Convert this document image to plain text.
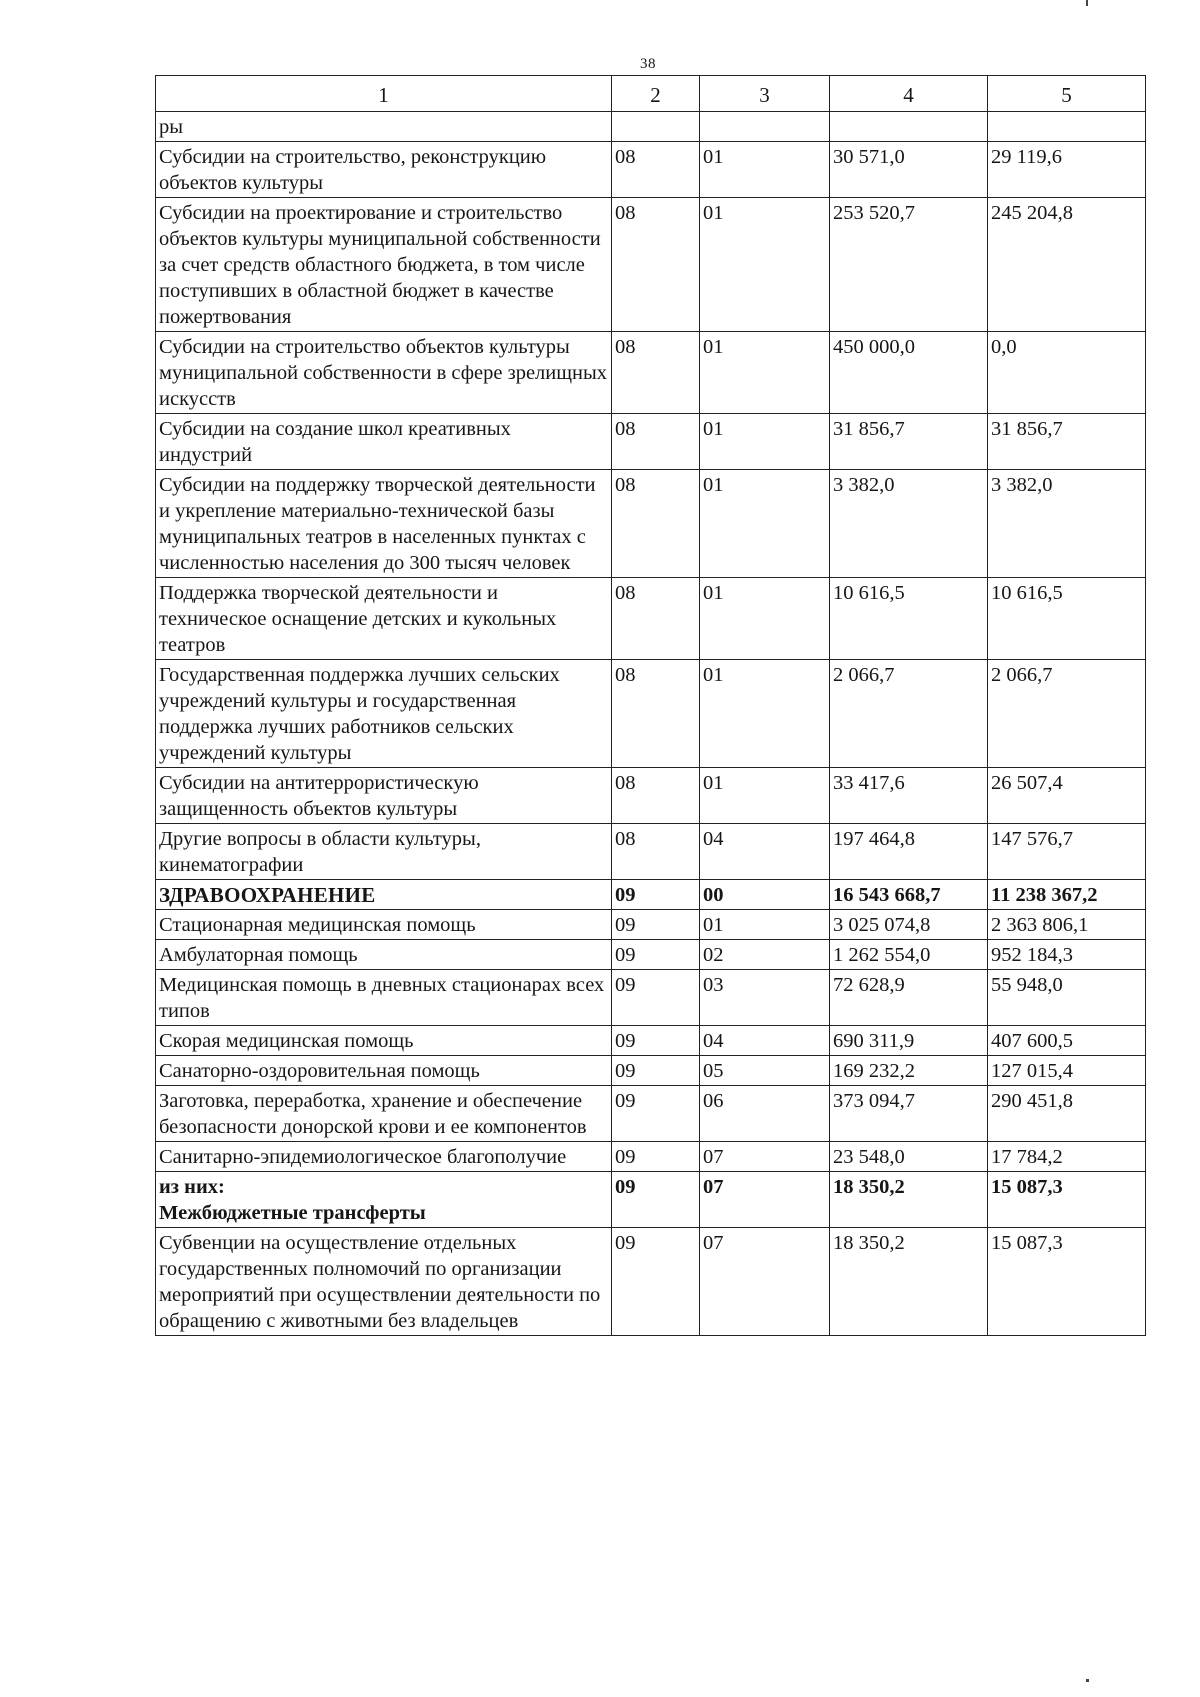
38
1	2	3	4	5
ры				
Субсидии на строительство, реконструкцию объектов культуры	08	01	30 571,0	29 119,6
Субсидии на проектирование и строительство объектов культуры муниципальной собственности за счет средств областного бюджета, в том числе поступивших в областной бюджет в качестве пожертвования	08	01	253 520,7	245 204,8
Субсидии на строительство объектов культуры муниципальной собственности в сфере зрелищных искусств	08	01	450 000,0	0,0
Субсидии на создание школ креативных индустрий	08	01	31 856,7	31 856,7
Субсидии на поддержку творческой деятельности и укрепление материально-технической базы муниципальных театров в населенных пунктах с численностью населения до 300 тысяч человек	08	01	3 382,0	3 382,0
Поддержка творческой деятельности и техническое оснащение детских и кукольных театров	08	01	10 616,5	10 616,5
Государственная поддержка лучших сельских учреждений культуры и государственная поддержка лучших работников сельских учреждений культуры	08	01	2 066,7	2 066,7
Субсидии на антитеррористическую защищенность объектов культуры	08	01	33 417,6	26 507,4
Другие вопросы в области культуры, кинематографии	08	04	197 464,8	147 576,7
ЗДРАВООХРАНЕНИЕ	09	00	16 543 668,7	11 238 367,2
Стационарная медицинская помощь	09	01	3 025 074,8	2 363 806,1
Амбулаторная помощь	09	02	1 262 554,0	952 184,3
Медицинская помощь в дневных стационарах всех типов	09	03	72 628,9	55 948,0
Скорая медицинская помощь	09	04	690 311,9	407 600,5
Санаторно-оздоровительная помощь	09	05	169 232,2	127 015,4
Заготовка, переработка, хранение и обеспечение безопасности донорской крови и ее компонентов	09	06	373 094,7	290 451,8
Санитарно-эпидемиологическое благополучие	09	07	23 548,0	17 784,2

из них:
Межбюджетные трансферты	09	07	18 350,2	15 087,3
Субвенции на осуществление отдельных государственных полномочий по организации мероприятий при осуществлении деятельности по обращению с животными без владельцев	09	07	18 350,2	15 087,3
